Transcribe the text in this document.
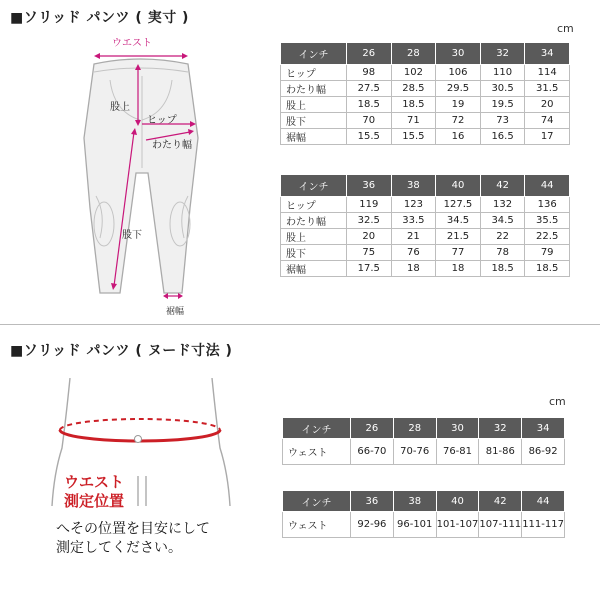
■ソリッド パンツ ( 実寸 )
cm
ウエスト
股上
ヒップ
わたり幅
股下
裾幅
インチ	26	28	30	32	34
ヒップ	98	102	106	110	114
わたり幅	27.5	28.5	29.5	30.5	31.5
股上	18.5	18.5	19	19.5	20
股下	70	71	72	73	74
裾幅	15.5	15.5	16	16.5	17
インチ	36	38	40	42	44
ヒップ	119	123	127.5	132	136
わたり幅	32.5	33.5	34.5	34.5	35.5
股上	20	21	21.5	22	22.5
股下	75	76	77	78	79
裾幅	17.5	18	18	18.5	18.5
■ソリッド パンツ ( ヌード寸法 )
cm
ウエスト
測定位置
へその位置を目安にして
測定してください。
インチ	26	28	30	32	34
ウェスト	66-70	70-76	76-81	81-86	86-92
インチ	36	38	40	42	44
ウェスト	92-96	96-101	101-107	107-111	111-117
